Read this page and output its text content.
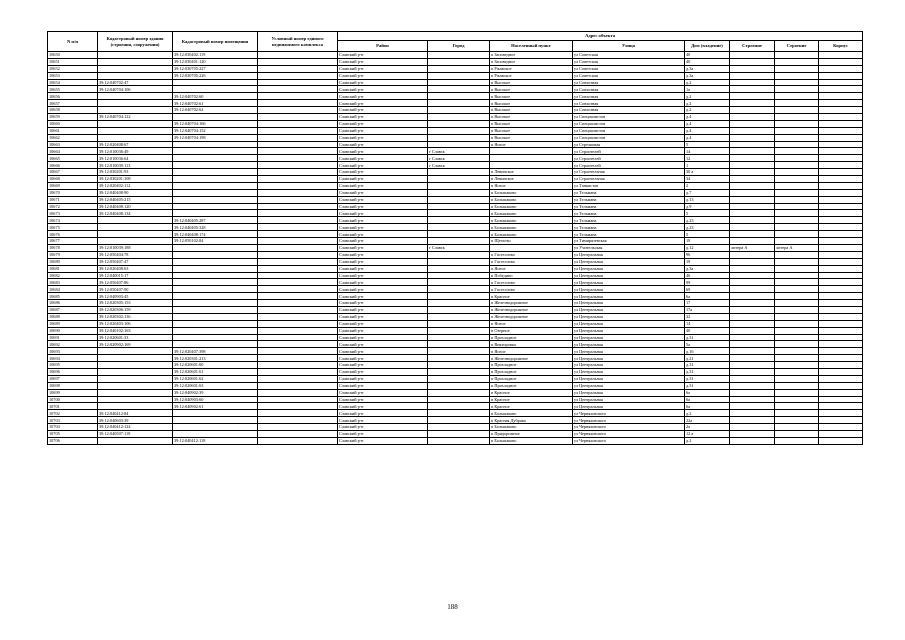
N п/п	Кадастровый номер здания (строения, сооружения)	Кадастровый номер помещения	Условный номер единого недвижимого комплекса	Адрес объекта							
				Район	Город	Населенный пункт	Улица	Дом (владение)	Строение	Строение	Корпус
10650		39:12:030402:119		Славский р-н		п Заповедное	ул Советская	40			
10651		39:12:030401:120		Славский р-н		п Заповедное	ул Советская	40			
10652		39:12:030705:227		Славский р-н		п Ржавское	ул Советская	д.3а			
10653		39:12:030705:226		Славский р-н		п Ржавское	ул Советская	д.3а			
10654	39:12:040702:47			Славский р-н		п Высокое	ул Совхозная	д.2			
10655	39:12:040704:106			Славский р-н		п Высокое	ул Совхозная	1а			
10656		39:12:040702:60		Славский р-н		п Высокое	ул Совхозная	д.2			
10657		39:12:040702:61		Славский р-н		п Высокое	ул Совхозная	д.2			
10658		39:12:040702:62		Славский р-н		п Высокое	ул Совхозная	д.2			
10659	39:12:040704:122			Славский р-н		п Высокое	ул Специалистов	д.4			
10660		39:12:040704:166		Славский р-н		п Высокое	ул Специалистов	д.4			
10661		39:12:040704:152		Славский р-н		п Высокое	ул Специалистов	д.4			
10662		39:12:040704:198		Славский р-н		п Высокое	ул Специалистов	д.4			
10663	39:12:020408:67			Славский р-н		п Ясное	ул Стрелковая	5			
10664	39:12:010036:49			Славский р-н	г Славск		ул Строителей	14			
10665	39:12:010036:64			Славский р-н	г Славск		ул Строителей	12			
10666	39:12:010039:113			Славский р-н	г Славск		ул Строителей	1			
10667	39:12:030201:93			Славский р-н		п Левинское	ул Строительная	30 а			
10668	39:12:030201:108			Славский р-н		п Левинское	ул Строительная	34			
10669	39:12:020402:112			Славский р-н		п Ясное	ул Танкистов	2			
10670	39:12:040408:90			Славский р-н		п Большаково	ул Тельмана	д.7			
10671	39:12:040405:215			Славский р-н		п Большаково	ул Тельмана	д.13			
10672	39:12:040408:120			Славский р-н		п Большаково	ул Тельмана	д.9			
10673	39:12:040408:134			Славский р-н		п Большаково	ул Тельмана	5			
10674		39:12:040405:287		Славский р-н		п Большаково	ул Тельмана	д.23			
10675		39:12:040405:328		Славский р-н		п Большаково	ул Тельмана	д.23			
10676		39:12:040408:174		Славский р-н		п Большаково	ул Тельмана	5			
10677		39:12:050102:84		Славский р-н		п Щеглово	ул Тимирязевская	19			
10678	39:12:010039:188			Славский р-н	г Славск		ул Учительская	д.12	литера А	литера А	
10679	39:12:050404:78			Славский р-н		п Гастеллово	ул Центральная	96			
10680	39:12:050407:47			Славский р-н		п Гастеллово	ул Центральная	19			
10681	39:12:020408:63			Славский р-н		п Ясное	ул Центральная	д.3а			
10682	39:12:040015:17			Славский р-н		п Победино	ул Центральная	46			
10683	39:12:050407:86			Славский р-н		п Гастеллово	ул Центральная	99			
10684	39:12:050407:90			Славский р-н		п Гастеллово	ул Центральная	69			
10685	39:12:040903:45			Славский р-н		п Красное	ул Центральная	6а			
10686	39:12:020305:153			Славский р-н		п Железнодорожное	ул Центральная	17			
10687	39:12:020306:159			Славский р-н		п Железнодорожное	ул Центральная	17а			
10688	39:12:020302:136			Славский р-н		п Железнодорожное	ул Центральная	32			
10689	39:12:020403:106			Славский р-н		п Ясное	ул Центральная	14			
10690	39:12:040102:163			Славский р-н		п Озерное	ул Центральная	40			
10691	39:12:020601:33			Славский р-н		п Прохладное	ул Центральная	д.31			
10692	39:12:020902:169			Славский р-н		п Викторовка	ул Центральная	5а			
10693		39:12:020407:398		Славский р-н		п Ясное	ул Центральная	д.16			
10694		39:12:020301:213		Славский р-н		п Железнодорожное	ул Центральная	д.21			
10695		39:12:020601:60		Славский р-н		п Прохладное	ул Центральная	д.31			
10696		39:12:020601:61		Славский р-н		п Прохладное	ул Центральная	д.31			
10697		39:12:020601:62		Славский р-н		п Прохладное	ул Центральная	д.31			
10698		39:12:020601:63		Славский р-н		п Прохладное	ул Центральная	д.31			
10699		39:12:040902:39		Славский р-н		п Красное	ул Центральная	6а			
10700		39:12:040903:60		Славский р-н		п Красное	ул Центральная	6а			
10701		39:12:040902:61		Славский р-н		п Красное	ул Центральная	6а			
10702	39:12:040412:84			Славский р-н		п Большаково	ул Черняховского	д.2			
10703	39:12:040603:39			Славский р-н		п Красная Дубрава	ул Черняховского	22а			
10704	39:12:040412:124			Славский р-н		п Большаково	ул Черняховского	2а			
10705	39:12:040507:118			Славский р-н		п Придорожное	ул Черняховского	12 а			
10706		39:12:040412:118		Славский р-н		п Большаково	ул Черняховского	д.2			
188
